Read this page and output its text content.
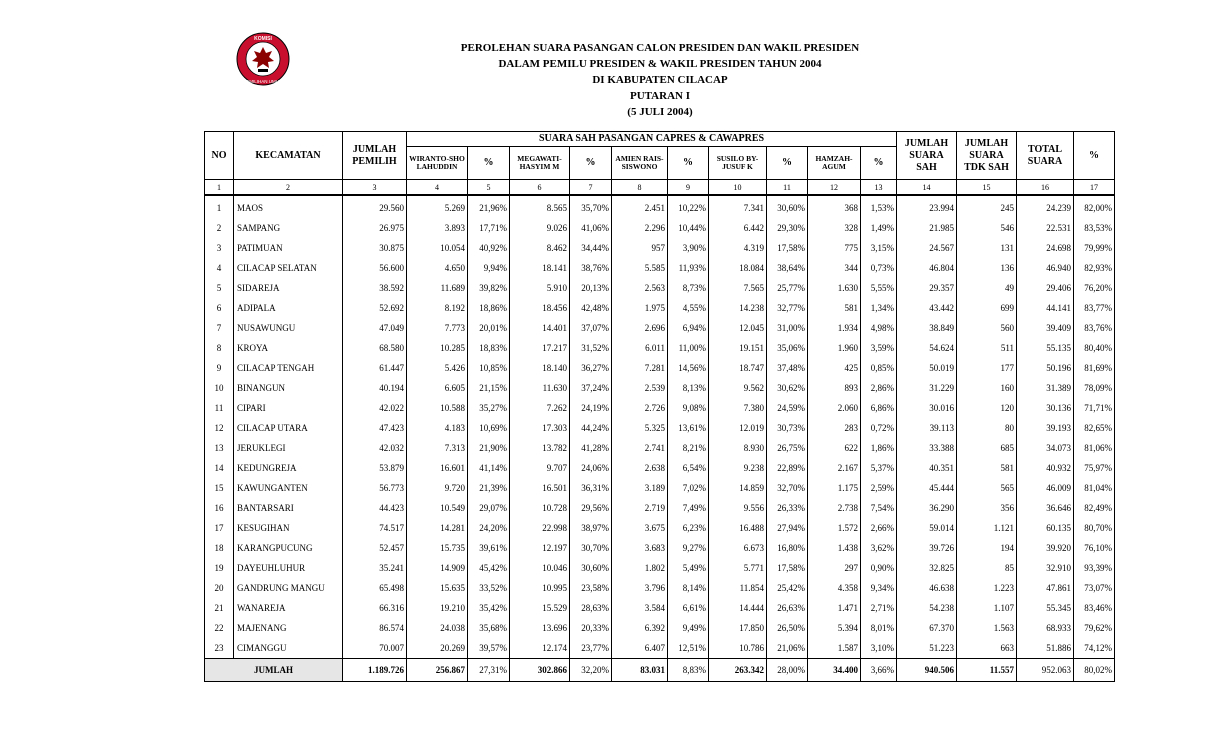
KOMISI
PEMILIHAN UMUM
PEROLEHAN SUARA PASANGAN CALON PRESIDEN DAN WAKIL PRESIDEN
DALAM PEMILU PRESIDEN & WAKIL PRESIDEN TAHUN 2004
DI KABUPATEN CILACAP
PUTARAN I
(5 JULI 2004)
NO	KECAMATAN	JUMLAH PEMILIH	SUARA SAH PASANGAN CAPRES & CAWAPRES										JUMLAH SUARA SAH	JUMLAH SUARA TDK SAH	TOTAL SUARA	%
			WIRANTO-SHOLAHUDDIN	%	MEGAWATI-HASYIM M	%	AMIEN RAIS-SISWONO	%	SUSILO BY-JUSUF K	%	HAMZAH-AGUM	%				
1	2	3	4	5	6	7	8	9	10	11	12	13	14	15	16	17
1	MAOS	29.560	5.269	21,96%	8.565	35,70%	2.451	10,22%	7.341	30,60%	368	1,53%	23.994	245	24.239	82,00%
2	SAMPANG	26.975	3.893	17,71%	9.026	41,06%	2.296	10,44%	6.442	29,30%	328	1,49%	21.985	546	22.531	83,53%
3	PATIMUAN	30.875	10.054	40,92%	8.462	34,44%	957	3,90%	4.319	17,58%	775	3,15%	24.567	131	24.698	79,99%
4	CILACAP SELATAN	56.600	4.650	9,94%	18.141	38,76%	5.585	11,93%	18.084	38,64%	344	0,73%	46.804	136	46.940	82,93%
5	SIDAREJA	38.592	11.689	39,82%	5.910	20,13%	2.563	8,73%	7.565	25,77%	1.630	5,55%	29.357	49	29.406	76,20%
6	ADIPALA	52.692	8.192	18,86%	18.456	42,48%	1.975	4,55%	14.238	32,77%	581	1,34%	43.442	699	44.141	83,77%
7	NUSAWUNGU	47.049	7.773	20,01%	14.401	37,07%	2.696	6,94%	12.045	31,00%	1.934	4,98%	38.849	560	39.409	83,76%
8	KROYA	68.580	10.285	18,83%	17.217	31,52%	6.011	11,00%	19.151	35,06%	1.960	3,59%	54.624	511	55.135	80,40%
9	CILACAP TENGAH	61.447	5.426	10,85%	18.140	36,27%	7.281	14,56%	18.747	37,48%	425	0,85%	50.019	177	50.196	81,69%
10	BINANGUN	40.194	6.605	21,15%	11.630	37,24%	2.539	8,13%	9.562	30,62%	893	2,86%	31.229	160	31.389	78,09%
11	CIPARI	42.022	10.588	35,27%	7.262	24,19%	2.726	9,08%	7.380	24,59%	2.060	6,86%	30.016	120	30.136	71,71%
12	CILACAP UTARA	47.423	4.183	10,69%	17.303	44,24%	5.325	13,61%	12.019	30,73%	283	0,72%	39.113	80	39.193	82,65%
13	JERUKLEGI	42.032	7.313	21,90%	13.782	41,28%	2.741	8,21%	8.930	26,75%	622	1,86%	33.388	685	34.073	81,06%
14	KEDUNGREJA	53.879	16.601	41,14%	9.707	24,06%	2.638	6,54%	9.238	22,89%	2.167	5,37%	40.351	581	40.932	75,97%
15	KAWUNGANTEN	56.773	9.720	21,39%	16.501	36,31%	3.189	7,02%	14.859	32,70%	1.175	2,59%	45.444	565	46.009	81,04%
16	BANTARSARI	44.423	10.549	29,07%	10.728	29,56%	2.719	7,49%	9.556	26,33%	2.738	7,54%	36.290	356	36.646	82,49%
17	KESUGIHAN	74.517	14.281	24,20%	22.998	38,97%	3.675	6,23%	16.488	27,94%	1.572	2,66%	59.014	1.121	60.135	80,70%
18	KARANGPUCUNG	52.457	15.735	39,61%	12.197	30,70%	3.683	9,27%	6.673	16,80%	1.438	3,62%	39.726	194	39.920	76,10%
19	DAYEUHLUHUR	35.241	14.909	45,42%	10.046	30,60%	1.802	5,49%	5.771	17,58%	297	0,90%	32.825	85	32.910	93,39%
20	GANDRUNG MANGU	65.498	15.635	33,52%	10.995	23,58%	3.796	8,14%	11.854	25,42%	4.358	9,34%	46.638	1.223	47.861	73,07%
21	WANAREJA	66.316	19.210	35,42%	15.529	28,63%	3.584	6,61%	14.444	26,63%	1.471	2,71%	54.238	1.107	55.345	83,46%
22	MAJENANG	86.574	24.038	35,68%	13.696	20,33%	6.392	9,49%	17.850	26,50%	5.394	8,01%	67.370	1.563	68.933	79,62%
23	CIMANGGU	70.007	20.269	39,57%	12.174	23,77%	6.407	12,51%	10.786	21,06%	1.587	3,10%	51.223	663	51.886	74,12%
JUMLAH		1.189.726	256.867	27,31%	302.866	32,20%	83.031	8,83%	263.342	28,00%	34.400	3,66%	940.506	11.557	952.063	80,02%
